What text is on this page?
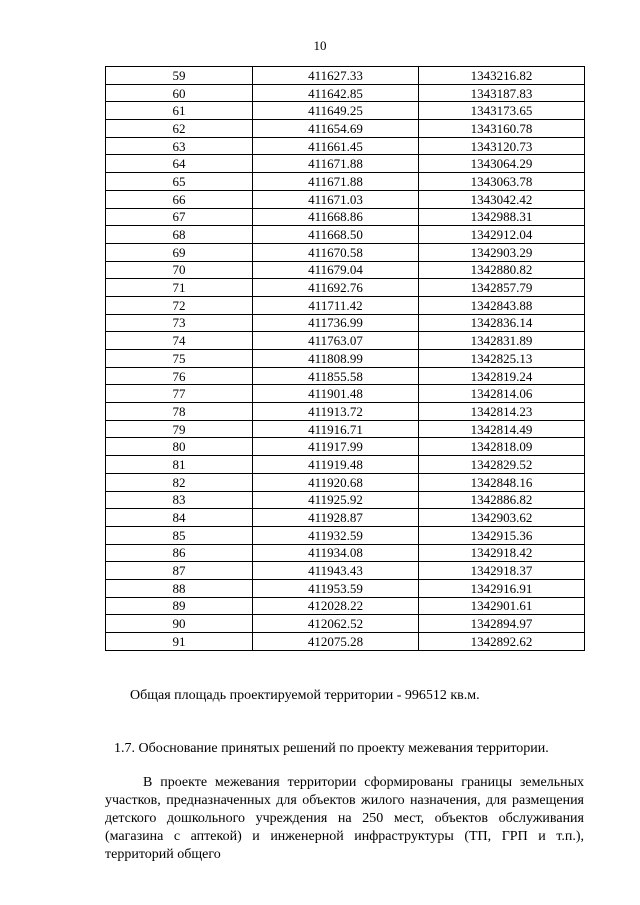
10
59	411627.33	1343216.82
60	411642.85	1343187.83
61	411649.25	1343173.65
62	411654.69	1343160.78
63	411661.45	1343120.73
64	411671.88	1343064.29
65	411671.88	1343063.78
66	411671.03	1343042.42
67	411668.86	1342988.31
68	411668.50	1342912.04
69	411670.58	1342903.29
70	411679.04	1342880.82
71	411692.76	1342857.79
72	411711.42	1342843.88
73	411736.99	1342836.14
74	411763.07	1342831.89
75	411808.99	1342825.13
76	411855.58	1342819.24
77	411901.48	1342814.06
78	411913.72	1342814.23
79	411916.71	1342814.49
80	411917.99	1342818.09
81	411919.48	1342829.52
82	411920.68	1342848.16
83	411925.92	1342886.82
84	411928.87	1342903.62
85	411932.59	1342915.36
86	411934.08	1342918.42
87	411943.43	1342918.37
88	411953.59	1342916.91
89	412028.22	1342901.61
90	412062.52	1342894.97
91	412075.28	1342892.62
Общая площадь проектируемой территории - 996512 кв.м.
1.7. Обоснование принятых решений по проекту межевания территории.
В проекте межевания территории сформированы границы земельных участков, предназначенных для объектов жилого назначения, для размещения детского дошкольного учреждения на 250 мест, объектов обслуживания (магазина с аптекой) и инженерной инфраструктуры (ТП, ГРП и т.п.), территорий общего
